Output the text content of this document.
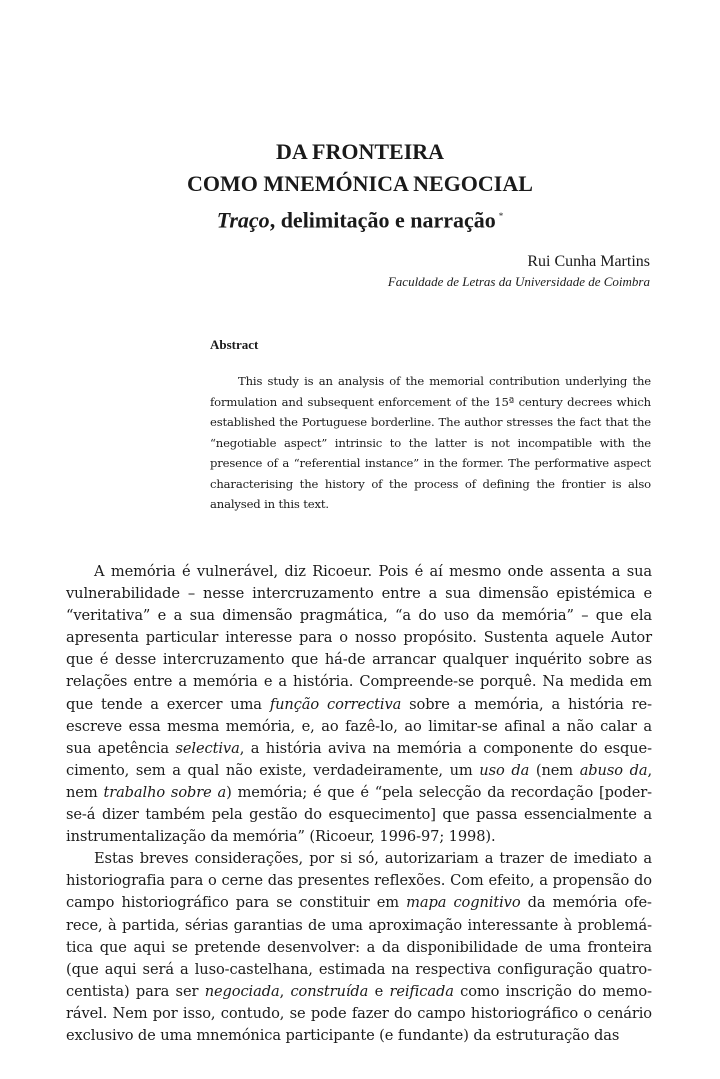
DA FRONTEIRA

COMO MNEMÓNICA NEGOCIAL

Traço, delimitação e narração *

Rui Cunha Martins
Faculdade de Letras da Universidade de Coimbra

Abstract

This study is an analysis of the memorial contribution underlying the formulation and subsequent enforcement of the 15ª century decrees which established the Portuguese borderline. The author stresses the fact that the “negotiable aspect” intrinsic to the latter is not incompatible with the presence of a “referential instance” in the former. The performative aspect characterising the history of the process of defining the frontier is also analysed in this text.

A memória é vulnerável, diz Ricoeur. Pois é aí mesmo onde assenta a sua vulnerabilidade – nesse intercruzamento entre a sua dimensão epistémica e “veritativa” e a sua dimensão pragmática, “a do uso da memória” – que ela apresenta particular interesse para o nosso propósito. Sustenta aquele Autor que é desse intercruzamento que há-de arrancar qualquer inquérito sobre as relações entre a memória e a história. Compreende-se porquê. Na medida em que tende a exercer uma função correctiva sobre a memória, a história reescreve essa mesma memória, e, ao fazê-lo, ao limitar-se afinal a não calar a sua apetência selectiva, a história aviva na memória a componente do esquecimento, sem a qual não existe, verdadeiramente, um uso da (nem abuso da, nem trabalho sobre a) memória; é que é “pela selecção da recordação [poder-se-á dizer também pela gestão do esquecimento] que passa essencialmente a instrumentalização da memória” (Ricoeur, 1996-97; 1998).

Estas breves considerações, por si só, autorizariam a trazer de imediato a historiografia para o cerne das presentes reflexões. Com efeito, a propensão do campo historiográfico para se constituir em mapa cognitivo da memória oferece, à partida, sérias garantias de uma aproximação interessante à problemática que aqui se pretende desenvolver: a da disponibilidade de uma fronteira (que aqui será a luso-castelhana, estimada na respectiva configuração quatrocentista) para ser negociada, construída e reificada como inscrição do memorável. Nem por isso, contudo, se pode fazer do campo historiográfico o cenário exclusivo de uma mnemónica participante (e fundante) da estruturação das
